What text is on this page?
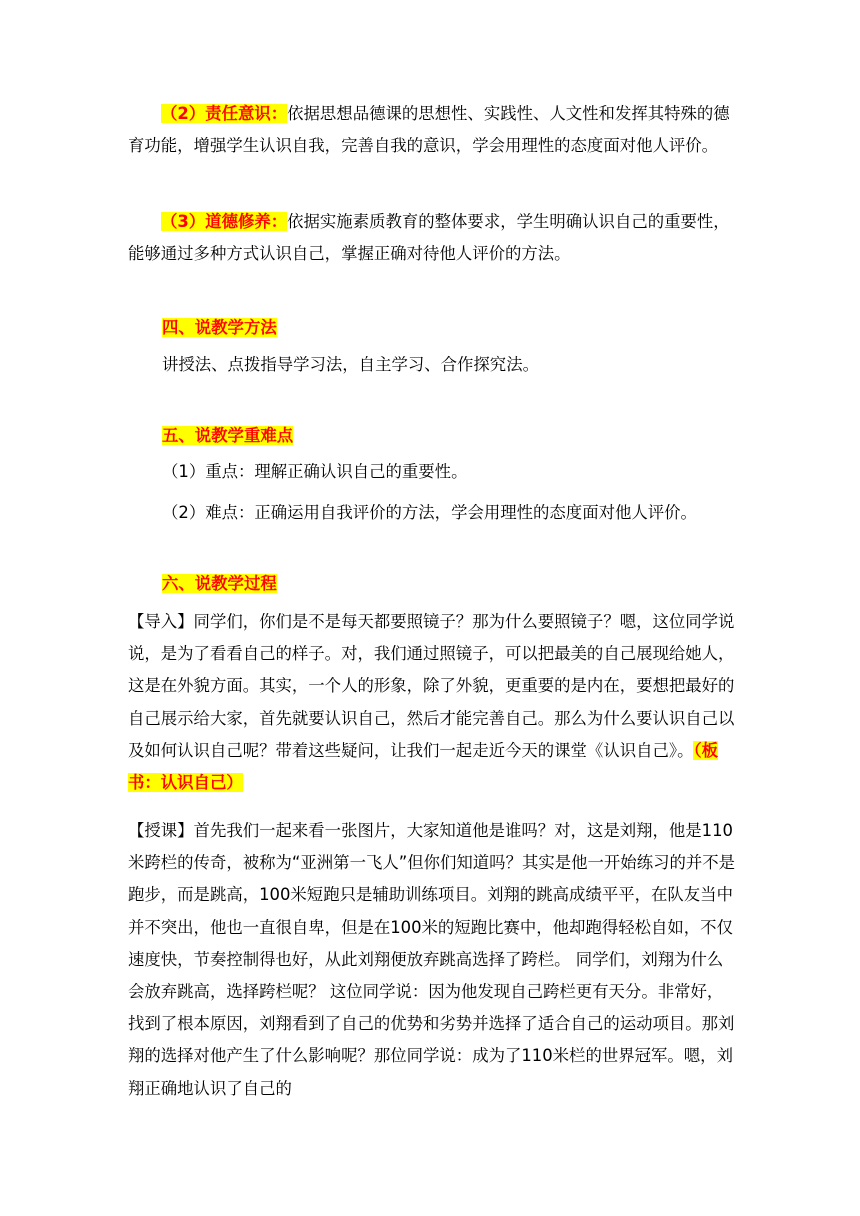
（2）责任意识：依据思想品德课的思想性、实践性、人文性和发挥其特殊的德育功能，增强学生认识自我，完善自我的意识，学会用理性的态度面对他人评价。

（3）道德修养：依据实施素质教育的整体要求，学生明确认识自己的重要性，能够通过多种方式认识自己，掌握正确对待他人评价的方法。

四、说教学方法

讲授法、点拨指导学习法，自主学习、合作探究法。

五、说教学重难点

（1）重点：理解正确认识自己的重要性。

（2）难点：正确运用自我评价的方法，学会用理性的态度面对他人评价。

六、说教学过程

【导入】同学们，你们是不是每天都要照镜子？那为什么要照镜子？嗯，这位同学说说，是为了看看自己的样子。对，我们通过照镜子，可以把最美的自己展现给她人，这是在外貌方面。其实，一个人的形象，除了外貌，更重要的是内在，要想把最好的自己展示给大家，首先就要认识自己，然后才能完善自己。那么为什么要认识自己以及如何认识自己呢？带着这些疑问，让我们一起走近今天的课堂《认识自己》。（板书：认识自己）

【授课】首先我们一起来看一张图片，大家知道他是谁吗？对，这是刘翔，他是110米跨栏的传奇，被称为“亚洲第一飞人”但你们知道吗？其实是他一开始练习的并不是跑步，而是跳高，100米短跑只是辅助训练项目。刘翔的跳高成绩平平，在队友当中并不突出，他也一直很自卑，但是在100米的短跑比赛中，他却跑得轻松自如，不仅速度快，节奏控制得也好，从此刘翔便放弃跳高选择了跨栏。 同学们，刘翔为什么会放弃跳高，选择跨栏呢？ 这位同学说：因为他发现自己跨栏更有天分。非常好，找到了根本原因，刘翔看到了自己的优势和劣势并选择了适合自己的运动项目。那刘翔的选择对他产生了什么影响呢？那位同学说：成为了110米栏的世界冠军。嗯，刘翔正确地认识了自己的
